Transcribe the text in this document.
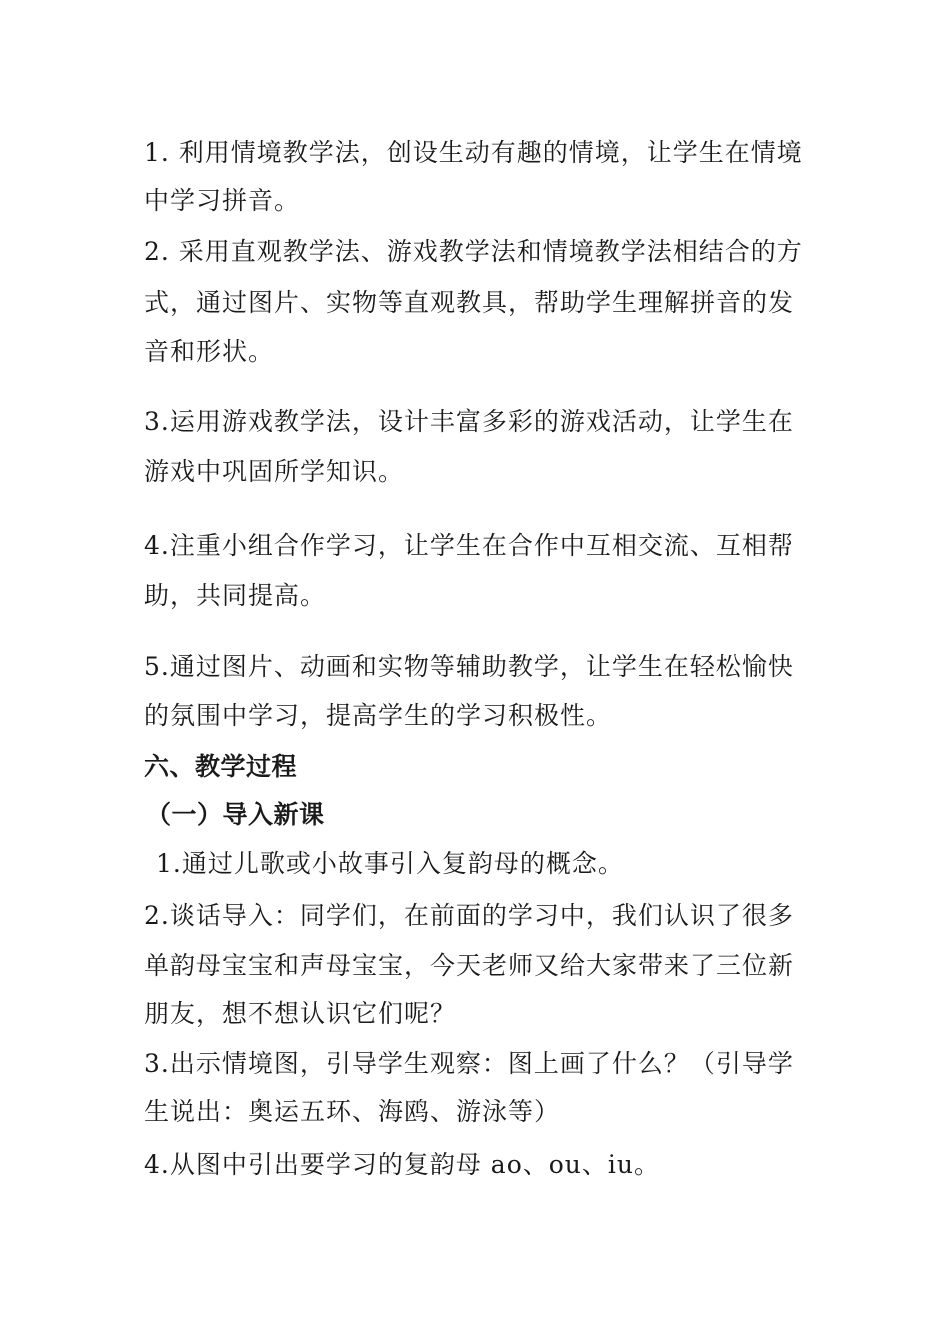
1. 利用情境教学法，创设生动有趣的情境，让学生在情境
中学习拼音。
2. 采用直观教学法、游戏教学法和情境教学法相结合的方
式，通过图片、实物等直观教具，帮助学生理解拼音的发
音和形状。
3.运用游戏教学法，设计丰富多彩的游戏活动，让学生在
游戏中巩固所学知识。
4.注重小组合作学习，让学生在合作中互相交流、互相帮
助，共同提高。
5.通过图片、动画和实物等辅助教学，让学生在轻松愉快
的氛围中学习，提高学生的学习积极性。
六、教学过程
（一）导入新课
1.通过儿歌或小故事引入复韵母的概念。
2.谈话导入：同学们，在前面的学习中，我们认识了很多
单韵母宝宝和声母宝宝，今天老师又给大家带来了三位新
朋友，想不想认识它们呢？
3.出示情境图，引导学生观察：图上画了什么？（引导学
生说出：奥运五环、海鸥、游泳等）
4.从图中引出要学习的复韵母 ao、ou、iu。
